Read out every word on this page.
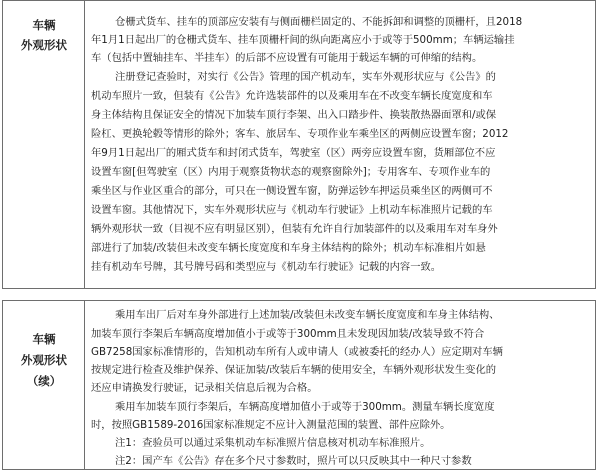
车辆
外观形状
仓栅式货车、挂车的顶部应安装有与侧面栅栏固定的、不能拆卸和调整的顶栅杆，且2018
年1月1日起出厂的仓栅式货车、挂车顶栅杆间的纵向距离应小于或等于500mm；车辆运输挂
车（包括中置轴挂车、半挂车）的后部不应设置有可能用于载运车辆的可伸缩的结构。
注册登记查验时，对实行《公告》管理的国产机动车，实车外观形状应与《公告》的
机动车照片一致，但装有《公告》允许选装部件的以及乘用车在不改变车辆长度宽度和车
身主体结构且保证安全的情况下加装车顶行李架、出入口踏步件、换装散热器面罩和/或保
险杠、更换轮毂等情形的除外；客车、旅居车、专项作业车乘坐区的两侧应设置车窗；2012
年9月1日起出厂的厢式货车和封闭式货车，驾驶室（区）两旁应设置车窗，货厢部位不应
设置车窗[但驾驶室（区）内用于观察货物状态的观察窗除外]；专用客车、专项作业车的
乘坐区与作业区重合的部分，可只在一侧设置车窗，防弹运钞车押运员乘坐区的两侧可不
设置车窗。其他情况下，实车外观形状应与《机动车行驶证》上机动车标准照片记载的车
辆外观形状一致（目视不应有明显区别），但装有允许自行加装部件的以及乘用车对车身外
部进行了加装/改装但未改变车辆长度宽度和车身主体结构的除外；机动车标准相片如悬
挂有机动车号牌，其号牌号码和类型应与《机动车行驶证》记载的内容一致。
车辆
外观形状
（续）
乘用车出厂后对车身外部进行上述加装/改装但未改变车辆长度宽度和车身主体结构、
加装车顶行李架后车辆高度增加值小于或等于300mm且未发现因加装/改装导致不符合
GB7258国家标准情形的，告知机动车所有人或申请人（或被委托的经办人）应定期对车辆
按规定进行检查及维护保养、保证加装/改装后车辆的使用安全，车辆外观形状发生变化的
还应申请换发行驶证，记录相关信息后视为合格。
乘用车加装车顶行李架后，车辆高度增加值小于或等于300mm。测量车辆长度宽度
时，按照GB1589-2016国家标准规定不应计入测量范围的装置、部件应除外。
注1：查验员可以通过采集机动车标准照片信息核对机动车标准照片。
注2：国产车《公告》存在多个尺寸参数时，照片可以只反映其中一种尺寸参数
